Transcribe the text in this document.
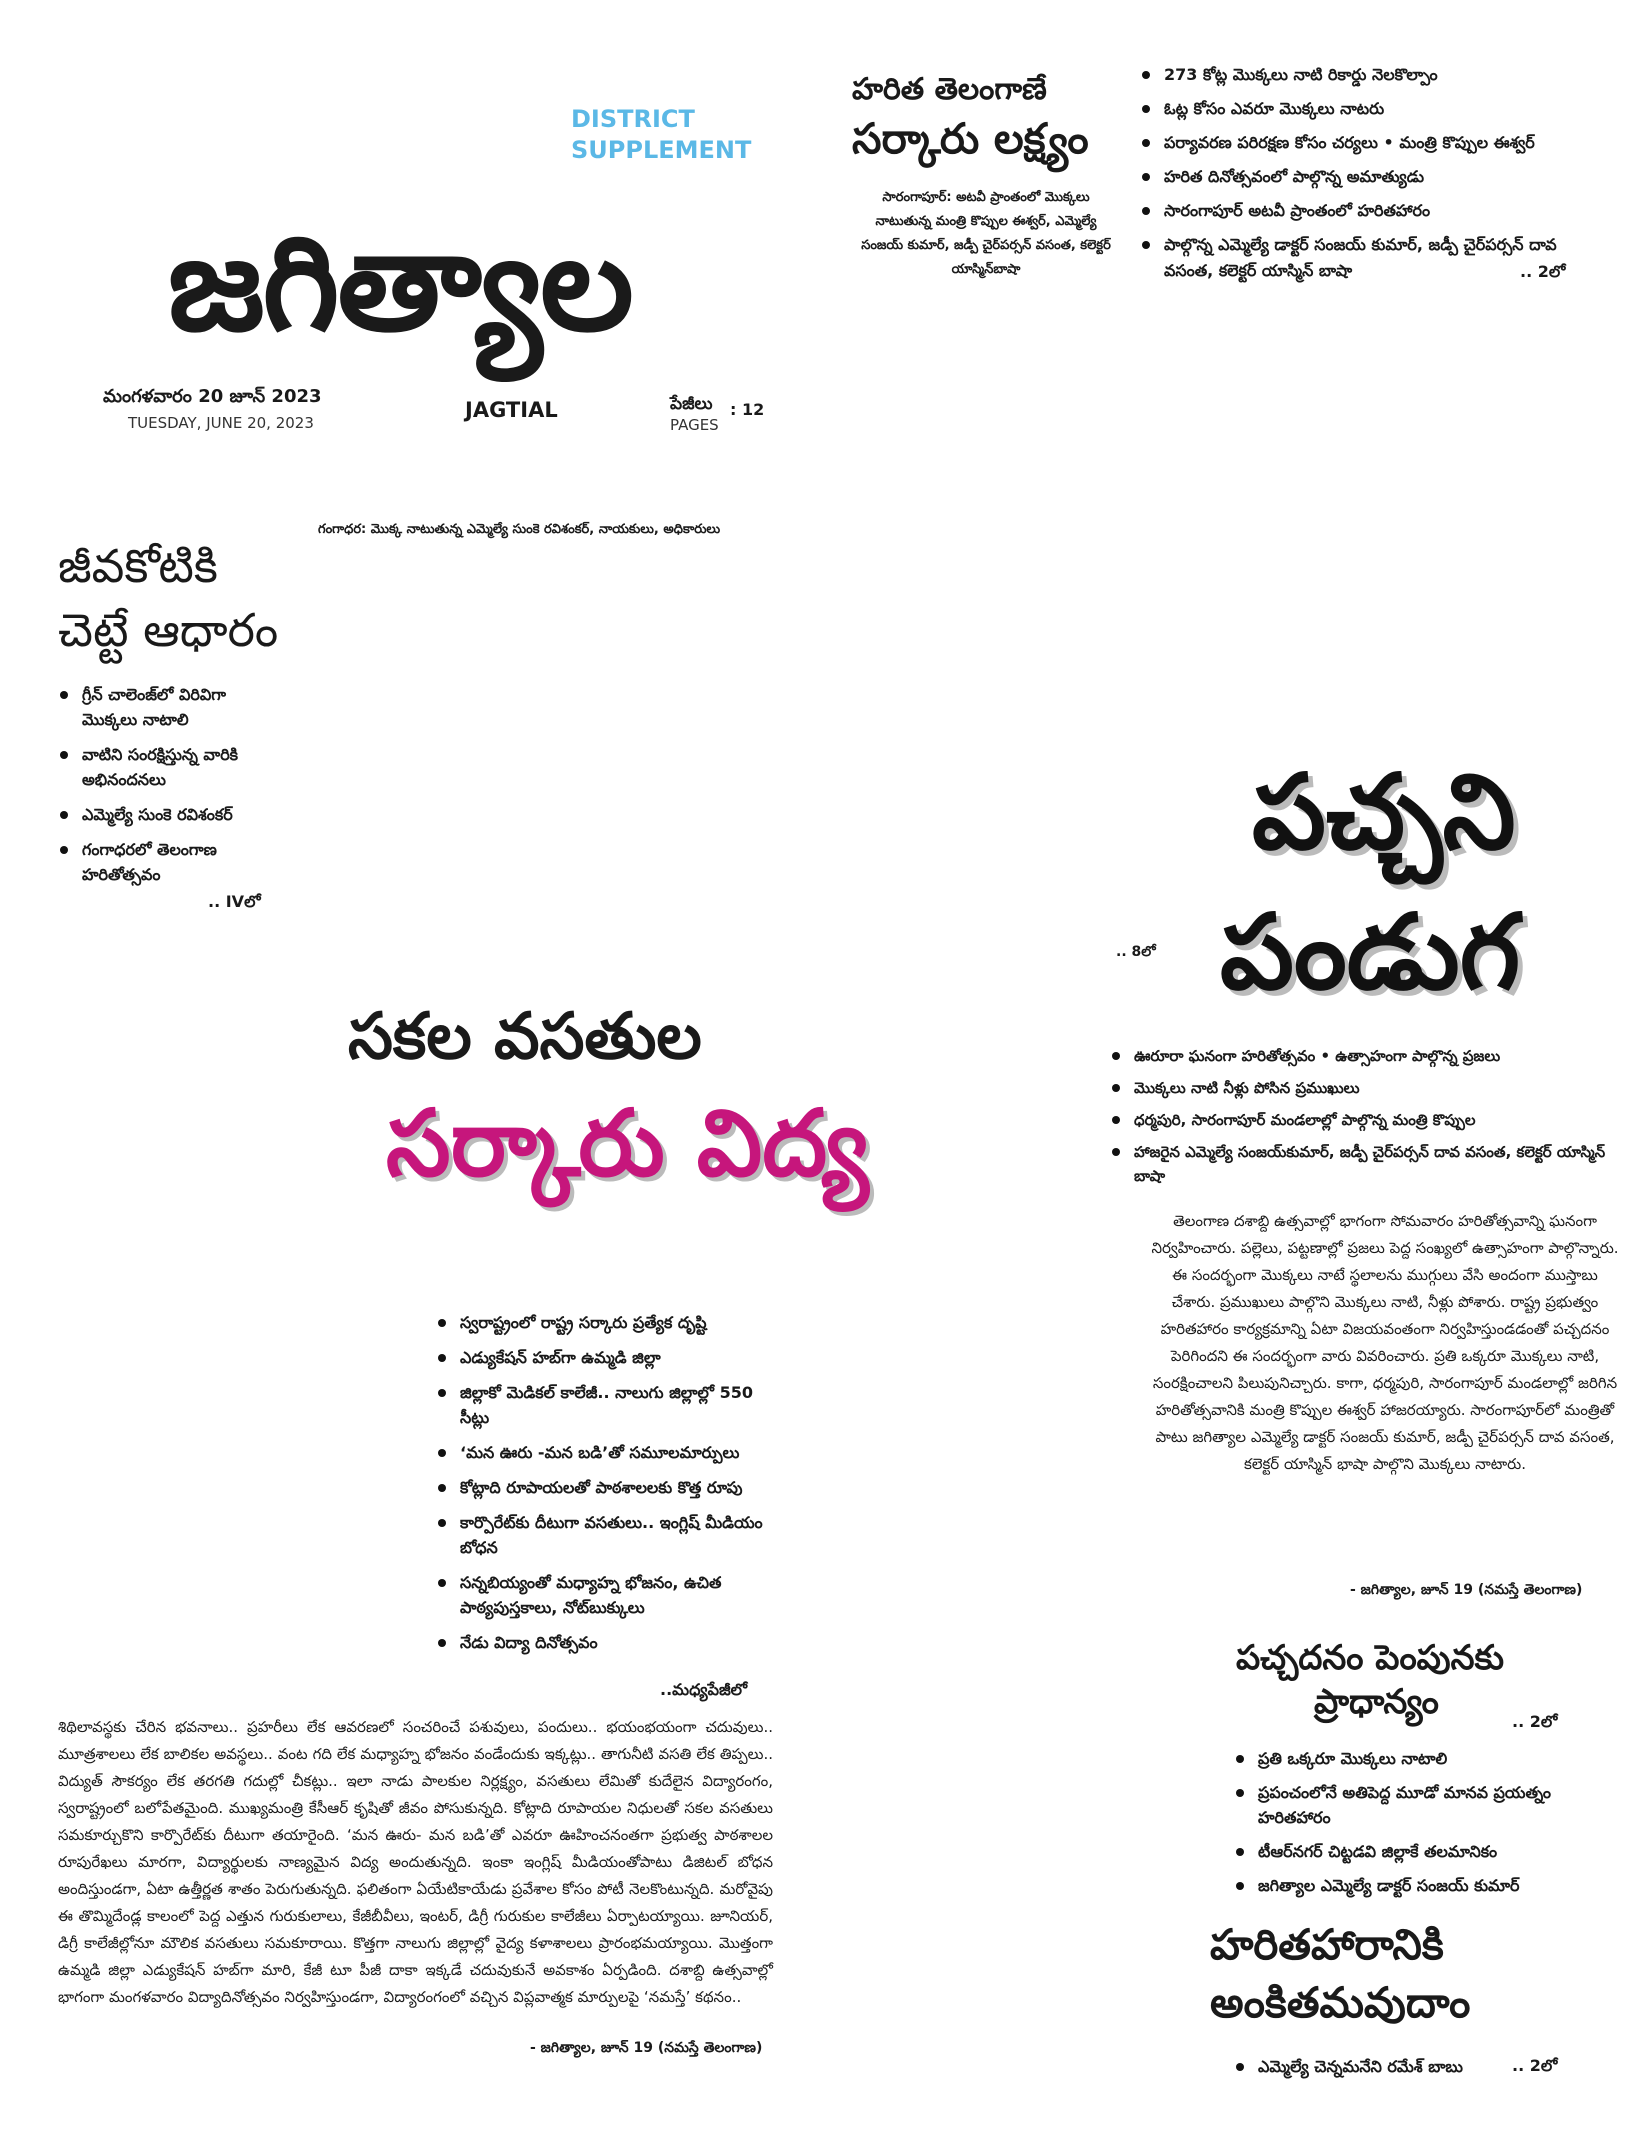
DISTRICT
SUPPLEMENT
జగిత్యాల
మంగళవారం 20 జూన్ 2023
TUESDAY, JUNE 20, 2023
JAGTIAL	పేజీలు
PAGES
: 12
హరిత తెలంగాణే
సర్కారు లక్ష్యం
సారంగాపూర్: అటవీ ప్రాంతంలో మొక్కలు నాటుతున్న మంత్రి కొప్పుల ఈశ్వర్, ఎమ్మెల్యే సంజయ్ కుమార్, జడ్పీ చైర్‌పర్సన్ వసంత, కలెక్టర్ యాస్మిన్‌బాషా
273 కోట్ల మొక్కలు నాటి రికార్డు నెలకొల్పాం
ఓట్ల కోసం ఎవరూ మొక్కలు నాటరు
పర్యావరణ పరిరక్షణ కోసం చర్యలు • మంత్రి కొప్పుల ఈశ్వర్
హరిత దినోత్సవంలో పాల్గొన్న అమాత్యుడు
సారంగాపూర్ అటవీ ప్రాంతంలో హరితహారం
పాల్గొన్న ఎమ్మెల్యే డాక్టర్ సంజయ్ కుమార్, జడ్పీ చైర్‌పర్సన్ దావ వసంత, కలెక్టర్ యాస్మిన్ బాషా	.. 2లో
గంగాధర: మొక్క నాటుతున్న ఎమ్మెల్యే సుంకె రవిశంకర్, నాయకులు, అధికారులు
జీవకోటికి
చెట్టే ఆధారం
గ్రీన్ చాలెంజ్‌లో విరివిగా మొక్కలు నాటాలి
వాటిని సంరక్షిస్తున్న వారికి అభినందనలు
ఎమ్మెల్యే సుంకె రవిశంకర్
గంగాధరలో తెలంగాణ హరితోత్సవం
.. IVలో
పచ్చని
పండుగ
.. 8లో
ఊరూరా ఘనంగా హరితోత్సవం • ఉత్సాహంగా పాల్గొన్న ప్రజలు
మొక్కలు నాటి నీళ్లు పోసిన ప్రముఖులు
ధర్మపురి, సారంగాపూర్ మండలాల్లో పాల్గొన్న మంత్రి కొప్పుల
హాజరైన ఎమ్మెల్యే సంజయ్‌కుమార్, జడ్పీ చైర్‌పర్సన్ దావ వసంత, కలెక్టర్ యాస్మిన్ బాషా
తెలంగాణ దశాబ్ది ఉత్సవాల్లో భాగంగా సోమవారం హరితోత్సవాన్ని ఘనంగా నిర్వహించారు. పల్లెలు, పట్టణాల్లో ప్రజలు పెద్ద సంఖ్యలో ఉత్సాహంగా పాల్గొన్నారు. ఈ సందర్భంగా మొక్కలు నాటే స్థలాలను ముగ్గులు వేసి అందంగా ముస్తాబు చేశారు. ప్రముఖులు పాల్గొని మొక్కలు నాటి, నీళ్లు పోశారు. రాష్ట్ర ప్రభుత్వం హరితహారం కార్యక్రమాన్ని ఏటా విజయవంతంగా నిర్వహిస్తుండడంతో పచ్చదనం పెరిగిందని ఈ సందర్భంగా వారు వివరించారు. ప్రతి ఒక్కరూ మొక్కలు నాటి, సంరక్షించాలని పిలుపునిచ్చారు. కాగా, ధర్మపురి, సారంగాపూర్ మండలాల్లో జరిగిన హరితోత్సవానికి మంత్రి కొప్పుల ఈశ్వర్ హాజరయ్యారు. సారంగాపూర్‌లో మంత్రితో పాటు జగిత్యాల ఎమ్మెల్యే డాక్టర్ సంజయ్ కుమార్, జడ్పీ చైర్‌పర్సన్ దావ వసంత, కలెక్టర్ యాస్మిన్ భాషా పాల్గొని మొక్కలు నాటారు.
- జగిత్యాల, జూన్ 19 (నమస్తే తెలంగాణ)
సకల వసతుల
సర్కారు విద్య
స్వరాష్ట్రంలో రాష్ట్ర సర్కారు ప్రత్యేక దృష్టి
ఎడ్యుకేషన్ హబ్‌గా ఉమ్మడి జిల్లా
జిల్లాకో మెడికల్ కాలేజీ.. నాలుగు జిల్లాల్లో 550 సీట్లు
‘మన ఊరు -మన బడి’తో సమూలమార్పులు
కోట్లాది రూపాయలతో పాఠశాలలకు కొత్త రూపు
కార్పొరేట్‌కు దీటుగా వసతులు.. ఇంగ్లిష్ మీడియం బోధన
సన్నబియ్యంతో మధ్యాహ్న భోజనం, ఉచిత పాఠ్యపుస్తకాలు, నోట్‌బుక్కులు
నేడు విద్యా దినోత్సవం
..మధ్యపేజీలో
శిథిలావస్థకు చేరిన భవనాలు.. ప్రహరీలు లేక ఆవరణలో సంచరించే పశువులు, పందులు.. భయంభయంగా చదువులు.. మూత్రశాలలు లేక బాలికల అవస్థలు.. వంట గది లేక మధ్యాహ్న భోజనం వండేందుకు ఇక్కట్లు.. తాగునీటి వసతి లేక తిప్పలు.. విద్యుత్ సౌకర్యం లేక తరగతి గదుల్లో చీకట్లు.. ఇలా నాడు పాలకుల నిర్లక్ష్యం, వసతులు లేమితో కుదేలైన విద్యారంగం, స్వరాష్ట్రంలో బలోపేతమైంది. ముఖ్యమంత్రి కేసీఆర్ కృషితో జీవం పోసుకున్నది. కోట్లాది రూపాయల నిధులతో సకల వసతులు సమకూర్చుకొని కార్పొరేట్‌కు దీటుగా తయారైంది. ‘మన ఊరు- మన బడి’తో ఎవరూ ఊహించనంతగా ప్రభుత్వ పాఠశాలల రూపురేఖలు మారగా, విద్యార్థులకు నాణ్యమైన విద్య అందుతున్నది. ఇంకా ఇంగ్లిష్ మీడియంతోపాటు డిజిటల్ బోధన అందిస్తుండగా, ఏటా ఉత్తీర్ణత శాతం పెరుగుతున్నది. ఫలితంగా ఏయేటికాయేడు ప్రవేశాల కోసం పోటీ నెలకొంటున్నది. మరోవైపు ఈ తొమ్మిదేండ్ల కాలంలో పెద్ద ఎత్తున గురుకులాలు, కేజీబీవీలు, ఇంటర్, డిగ్రీ గురుకుల కాలేజీలు ఏర్పాటయ్యాయి. జూనియర్, డిగ్రీ కాలేజీల్లోనూ మౌలిక వసతులు సమకూరాయి. కొత్తగా నాలుగు జిల్లాల్లో వైద్య కళాశాలలు ప్రారంభమయ్యాయి. మొత్తంగా ఉమ్మడి జిల్లా ఎడ్యుకేషన్ హబ్‌గా మారి, కేజీ టూ పీజీ దాకా ఇక్కడే చదువుకునే అవకాశం ఏర్పడింది. దశాబ్ది ఉత్సవాల్లో భాగంగా మంగళవారం విద్యాదినోత్సవం నిర్వహిస్తుండగా, విద్యారంగంలో వచ్చిన విప్లవాత్మక మార్పులపై ‘నమస్తే’ కథనం..
- జగిత్యాల, జూన్ 19 (నమస్తే తెలంగాణ)
పచ్చదనం పెంపునకు
ప్రాధాన్యం	.. 2లో
ప్రతి ఒక్కరూ మొక్కలు నాటాలి
ప్రపంచంలోనే అతిపెద్ద మూడో మానవ ప్రయత్నం హరితహారం
టీఆర్‌నగర్ చిట్టడవి జిల్లాకే తలమానికం
జగిత్యాల ఎమ్మెల్యే డాక్టర్ సంజయ్ కుమార్
హరితహారానికి
అంకితమవుదాం
ఎమ్మెల్యే చెన్నమనేని రమేశ్ బాబు	.. 2లో
